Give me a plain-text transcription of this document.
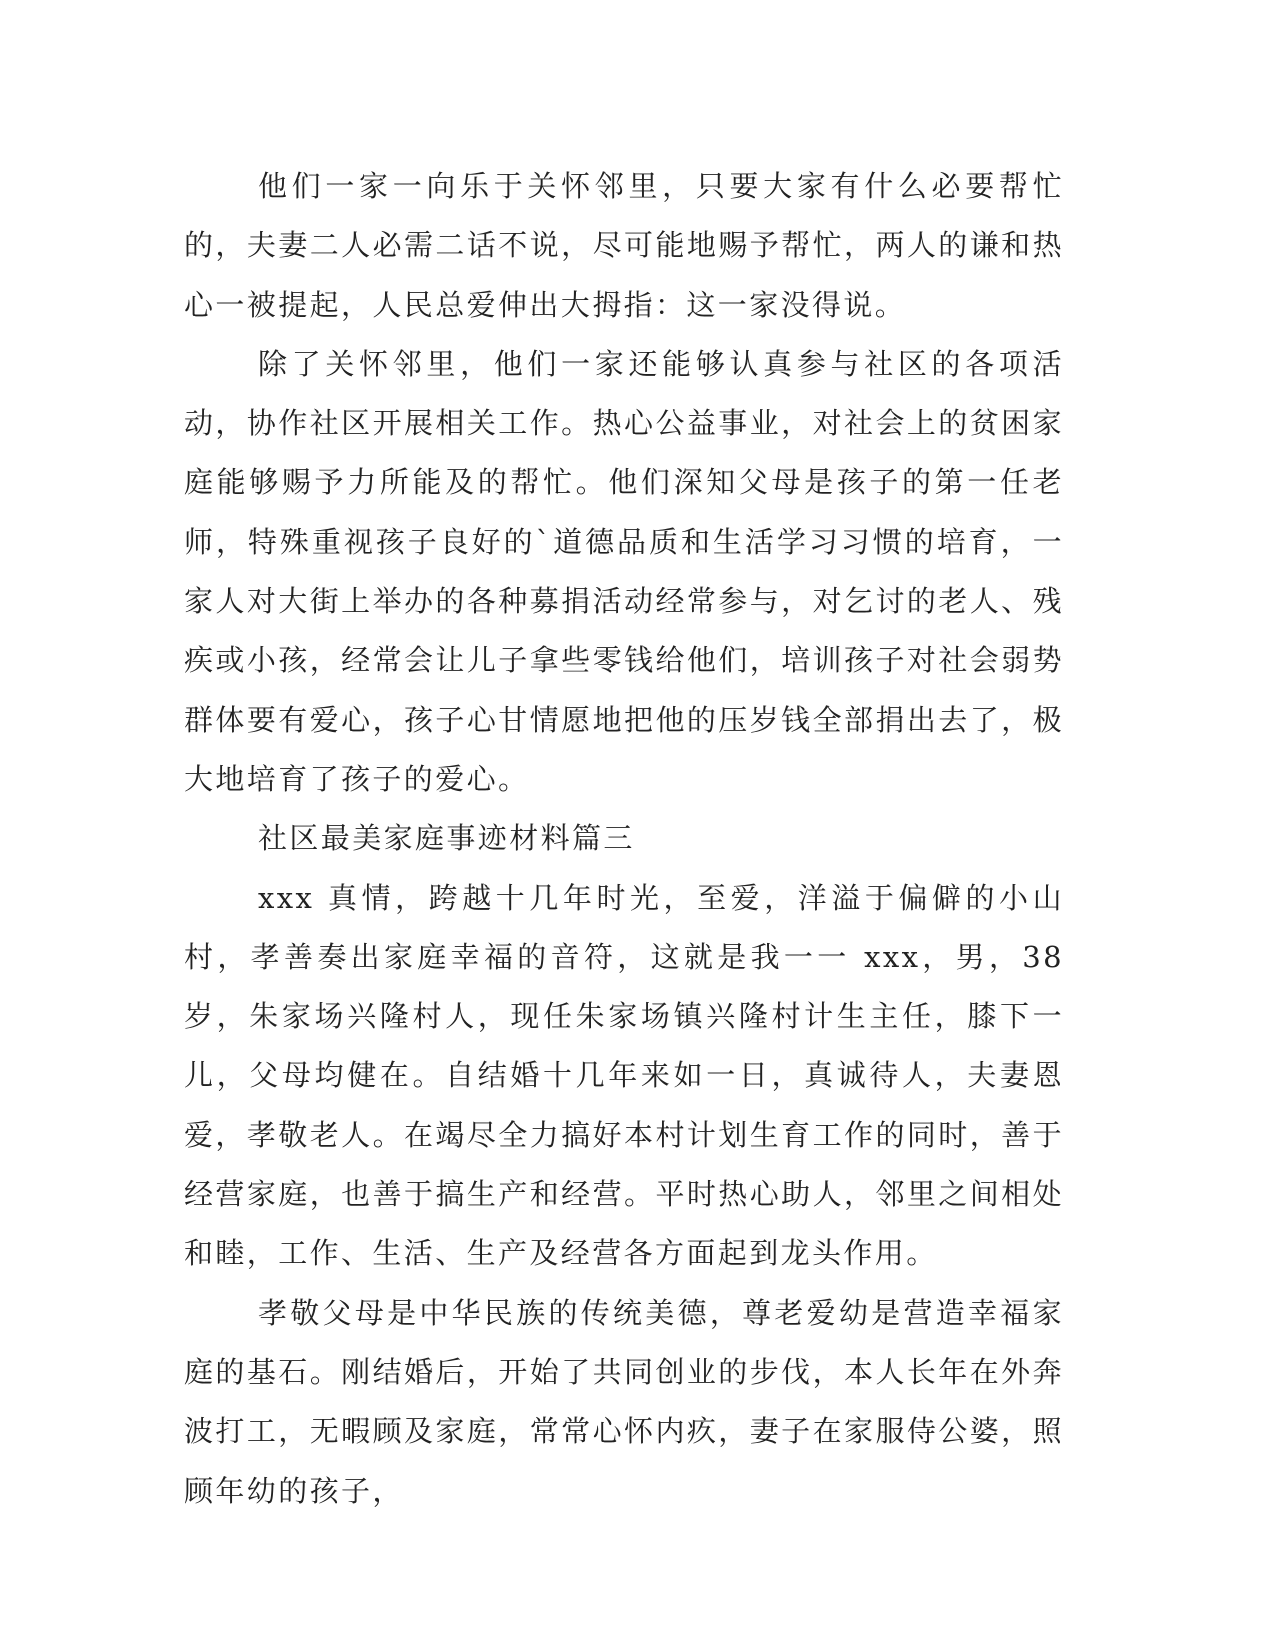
他们一家一向乐于关怀邻里，只要大家有什么必要帮忙的，夫妻二人必需二话不说，尽可能地赐予帮忙，两人的谦和热心一被提起，人民总爱伸出大拇指：这一家没得说。

除了关怀邻里，他们一家还能够认真参与社区的各项活动，协作社区开展相关工作。热心公益事业，对社会上的贫困家庭能够赐予力所能及的帮忙。他们深知父母是孩子的第一任老师，特殊重视孩子良好的`道德品质和生活学习习惯的培育，一家人对大街上举办的各种募捐活动经常参与，对乞讨的老人、残疾或小孩，经常会让儿子拿些零钱给他们，培训孩子对社会弱势群体要有爱心，孩子心甘情愿地把他的压岁钱全部捐出去了，极大地培育了孩子的爱心。

社区最美家庭事迹材料篇三

xxx 真情，跨越十几年时光，至爱，洋溢于偏僻的小山村，孝善奏出家庭幸福的音符，这就是我一一 xxx，男，38 岁，朱家场兴隆村人，现任朱家场镇兴隆村计生主任，膝下一儿，父母均健在。自结婚十几年来如一日，真诚待人，夫妻恩爱，孝敬老人。在竭尽全力搞好本村计划生育工作的同时，善于经营家庭，也善于搞生产和经营。平时热心助人，邻里之间相处和睦，工作、生活、生产及经营各方面起到龙头作用。

孝敬父母是中华民族的传统美德，尊老爱幼是营造幸福家庭的基石。刚结婚后，开始了共同创业的步伐，本人长年在外奔波打工，无暇顾及家庭，常常心怀内疚，妻子在家服侍公婆，照顾年幼的孩子，
